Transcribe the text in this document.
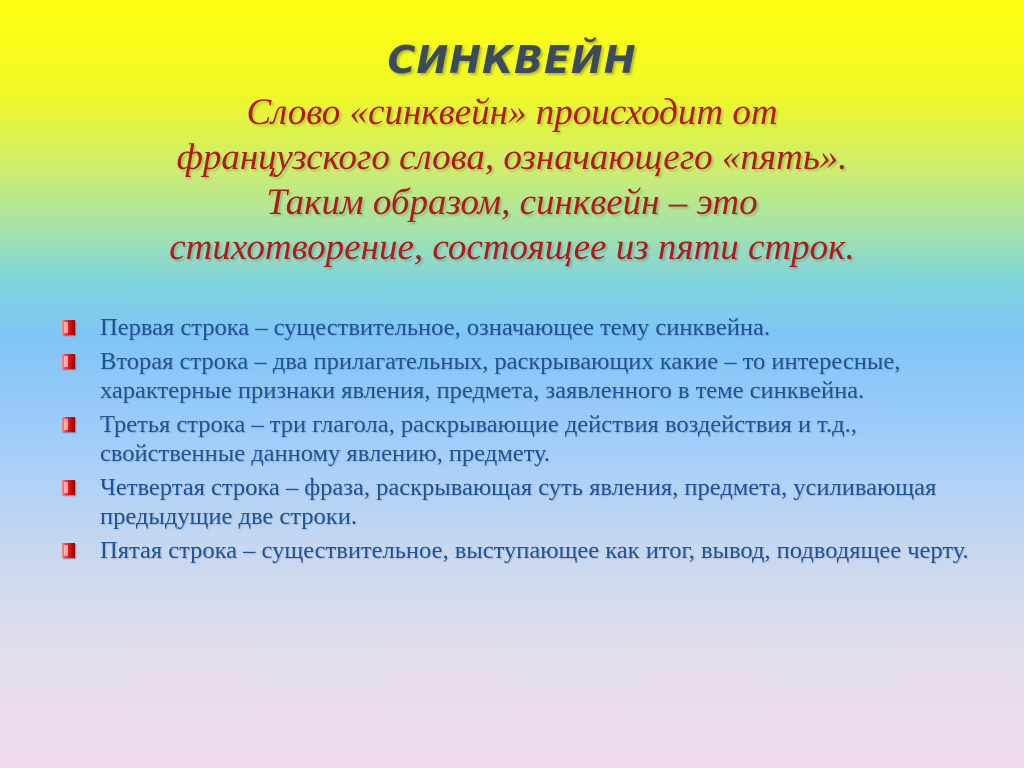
СИНКВЕЙН
Слово «синквейн» происходит от
французского слова, означающего «пять».
Таким образом, синквейн – это
стихотворение, состоящее из пяти строк.
Первая строка – существительное, означающее тему синквейна.
Вторая строка – два прилагательных, раскрывающих какие – то интересные, характерные признаки явления, предмета, заявленного в теме синквейна.
Третья строка – три глагола, раскрывающие действия воздействия и т.д., свойственные данному явлению, предмету.
Четвертая строка – фраза, раскрывающая суть явления, предмета, усиливающая предыдущие две строки.
Пятая строка – существительное, выступающее как итог, вывод, подводящее черту.
